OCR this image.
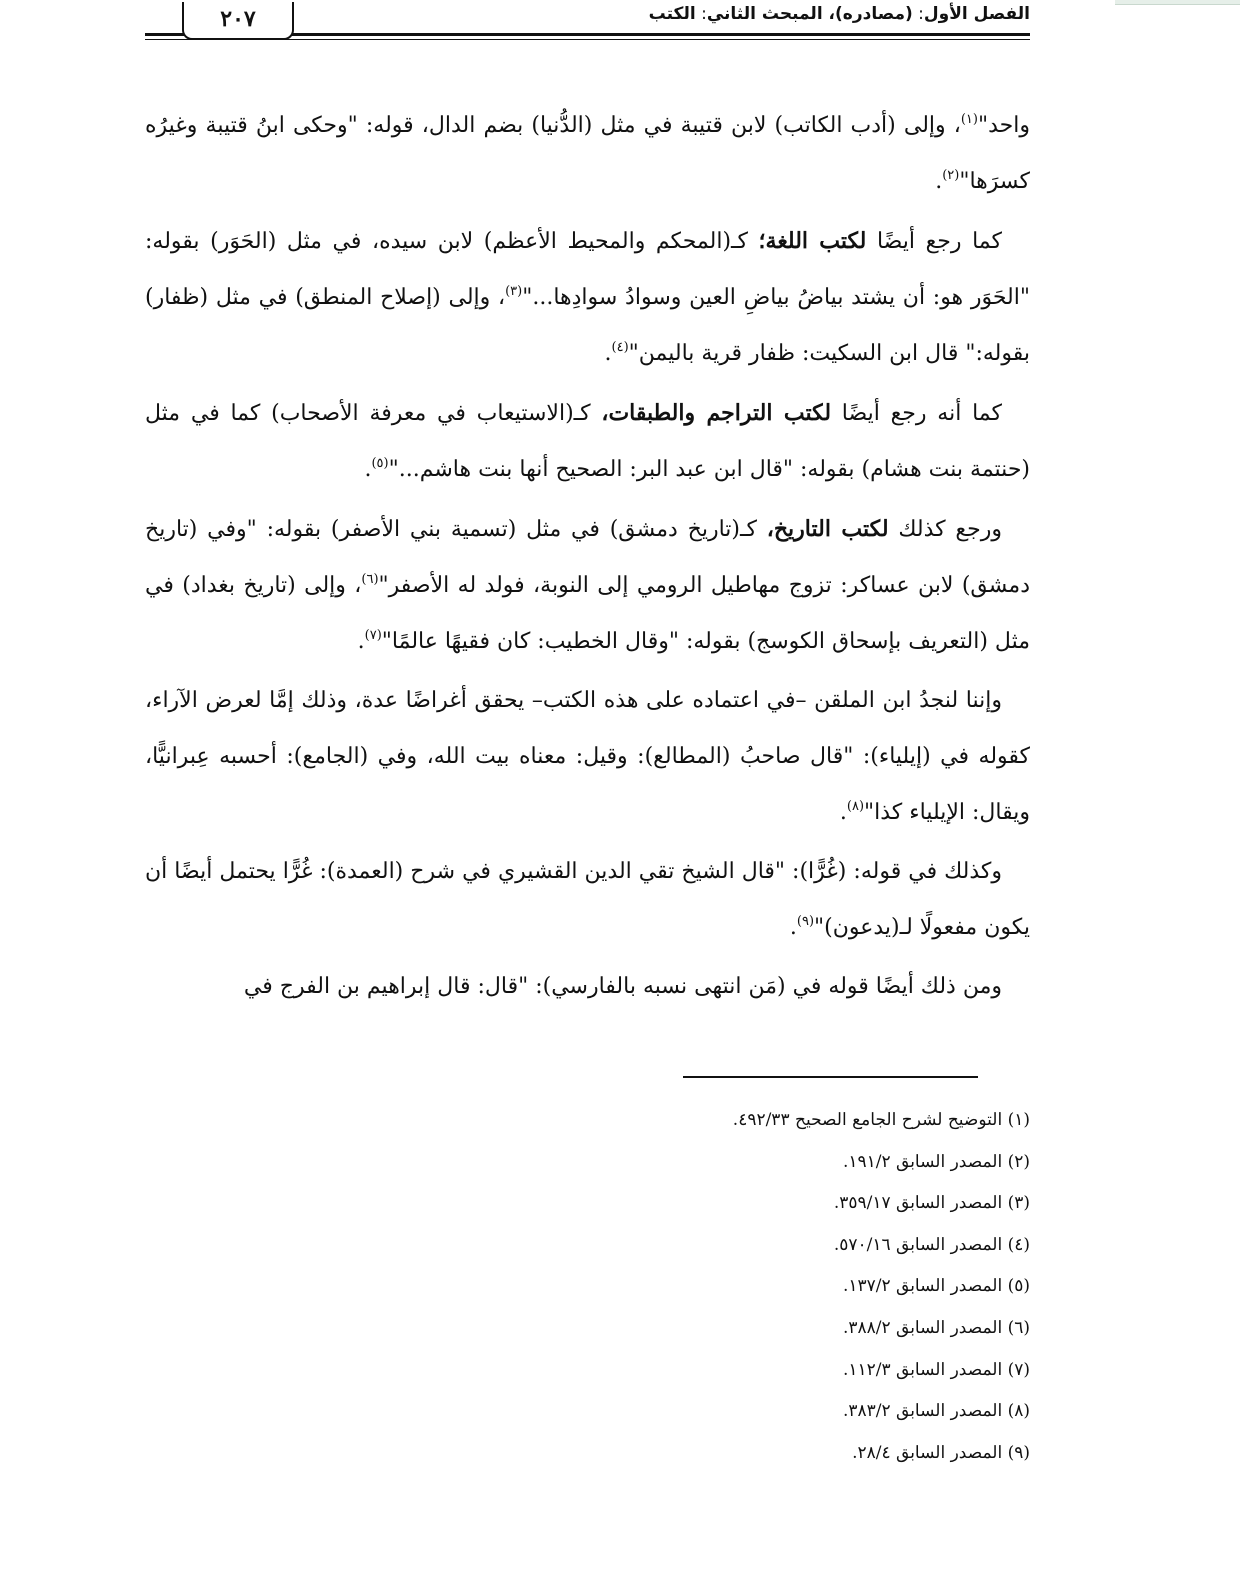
الفصل الأول: (مصادره)، المبحث الثاني: الكتب
٢٠٧

واحد"$^{(١)}$، وإلى (أدب الكاتب) لابن قتيبة في مثل (الدُّنيا) بضم الدال، قوله: "وحكى ابنُ قتيبة وغيرُه كسرَها"$^{(٢)}$.

كما رجع أيضًا لكتب اللغة؛ كـ(المحكم والمحيط الأعظم) لابن سيده، في مثل (الحَوَر) بقوله: "الحَوَر هو: أن يشتد بياضُ بياضِ العين وسوادُ سوادِها..."$^{(٣)}$، وإلى (إصلاح المنطق) في مثل (ظفار) بقوله:" قال ابن السكيت: ظفار قرية باليمن"$^{(٤)}$.

كما أنه رجع أيضًا لكتب التراجم والطبقات، كـ(الاستيعاب في معرفة الأصحاب) كما في مثل (حنتمة بنت هشام) بقوله: "قال ابن عبد البر: الصحيح أنها بنت هاشم..."$^{(٥)}$.

ورجع كذلك لكتب التاريخ، كـ(تاريخ دمشق) في مثل (تسمية بني الأصفر) بقوله: "وفي (تاريخ دمشق) لابن عساكر: تزوج مهاطيل الرومي إلى النوبة، فولد له الأصفر"$^{(٦)}$، وإلى (تاريخ بغداد) في مثل (التعريف بإسحاق الكوسج) بقوله: "وقال الخطيب: كان فقيهًا عالمًا"$^{(٧)}$.

وإننا لنجدُ ابن الملقن –في اعتماده على هذه الكتب– يحقق أغراضًا عدة، وذلك إمَّا لعرض الآراء، كقوله في (إيلياء): "قال صاحبُ (المطالع): وقيل: معناه بيت الله، وفي (الجامع): أحسبه عِبرانيًّا، ويقال: الإيلياء كذا"$^{(٨)}$.

وكذلك في قوله: (غُرًّا): "قال الشيخ تقي الدين القشيري في شرح (العمدة): غُرًّا يحتمل أيضًا أن يكون مفعولًا لـ(يدعون)"$^{(٩)}$.

ومن ذلك أيضًا قوله في (مَن انتهى نسبه بالفارسي): "قال: قال إبراهيم بن الفرج في

(١) التوضيح لشرح الجامع الصحيح ٤٩٢/٣٣.
(٢) المصدر السابق ١٩١/٢.
(٣) المصدر السابق ٣٥٩/١٧.
(٤) المصدر السابق ٥٧٠/١٦.
(٥) المصدر السابق ١٣٧/٢.
(٦) المصدر السابق ٣٨٨/٢.
(٧) المصدر السابق ١١٢/٣.
(٨) المصدر السابق ٣٨٣/٢.
(٩) المصدر السابق ٢٨/٤.
